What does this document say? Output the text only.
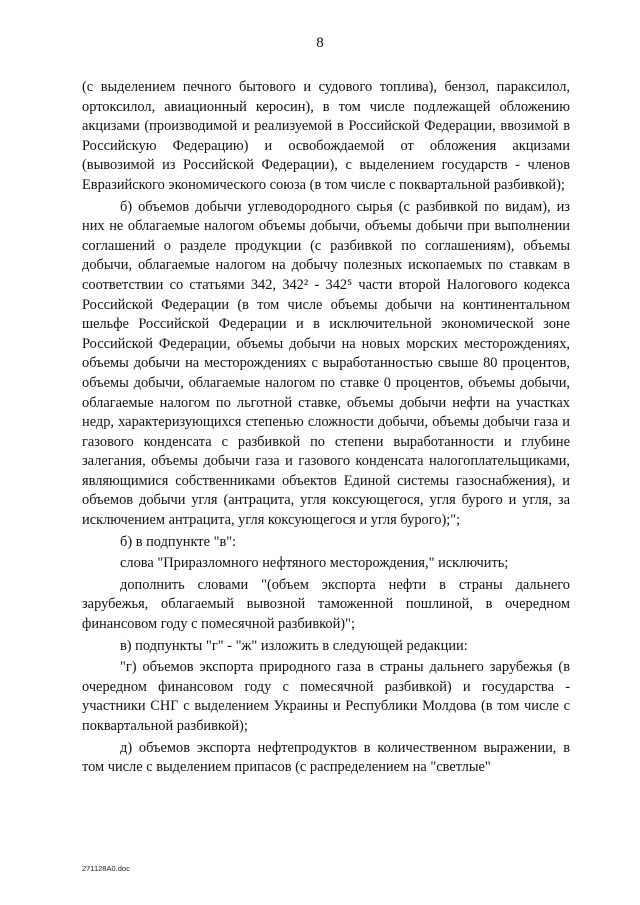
8

(с выделением печного бытового и судового топлива), бензол, параксилол, ортоксилол, авиационный керосин), в том числе подлежащей обложению акцизами (производимой и реализуемой в Российской Федерации, ввозимой в Российскую Федерацию) и освобождаемой от обложения акцизами (вывозимой из Российской Федерации), с выделением государств - членов Евразийского экономического союза (в том числе с поквартальной разбивкой);

б) объемов добычи углеводородного сырья (с разбивкой по видам), из них не облагаемые налогом объемы добычи, объемы добычи при выполнении соглашений о разделе продукции (с разбивкой по соглашениям), объемы добычи, облагаемые налогом на добычу полезных ископаемых по ставкам в соответствии со статьями 342, 342² - 342⁵ части второй Налогового кодекса Российской Федерации (в том числе объемы добычи на континентальном шельфе Российской Федерации и в исключительной экономической зоне Российской Федерации, объемы добычи на новых морских месторождениях, объемы добычи на месторождениях с выработанностью свыше 80 процентов, объемы добычи, облагаемые налогом по ставке 0 процентов, объемы добычи, облагаемые налогом по льготной ставке, объемы добычи нефти на участках недр, характеризующихся степенью сложности добычи, объемы добычи газа и газового конденсата с разбивкой по степени выработанности и глубине залегания, объемы добычи газа и газового конденсата налогоплательщиками, являющимися собственниками объектов Единой системы газоснабжения), и объемов добычи угля (антрацита, угля коксующегося, угля бурого и угля, за исключением антрацита, угля коксующегося и угля бурого);";

б) в подпункте "в":

слова "Приразломного нефтяного месторождения," исключить;

дополнить словами "(объем экспорта нефти в страны дальнего зарубежья, облагаемый вывозной таможенной пошлиной, в очередном финансовом году с помесячной разбивкой)";

в) подпункты "г" - "ж" изложить в следующей редакции:

"г) объемов экспорта природного газа в страны дальнего зарубежья (в очередном финансовом году с помесячной разбивкой) и государства - участники СНГ с выделением Украины и Республики Молдова (в том числе с поквартальной разбивкой);

д) объемов экспорта нефтепродуктов в количественном выражении, в том числе с выделением припасов (с распределением на "светлые"

271128А0.doc
